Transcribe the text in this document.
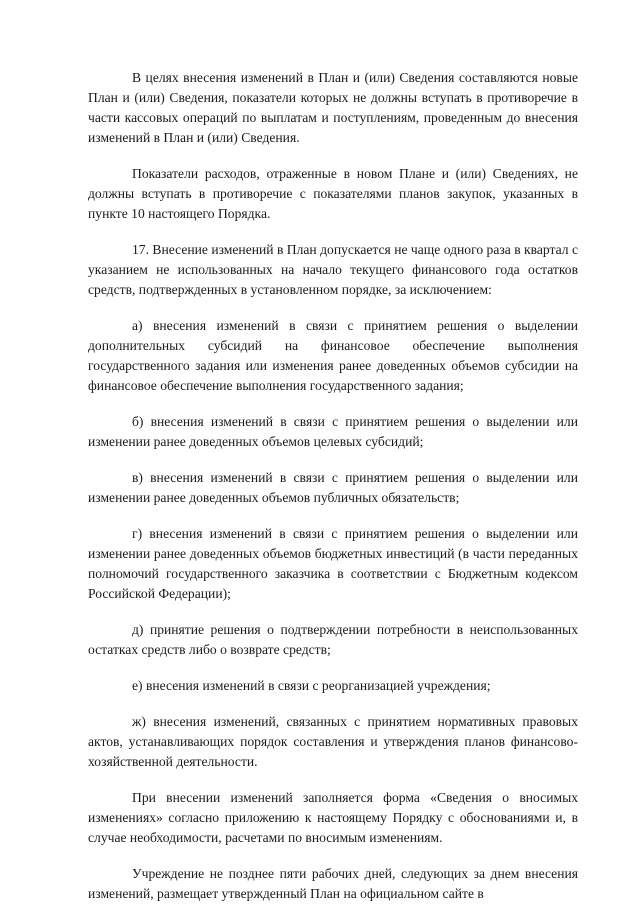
В целях внесения изменений в План и (или) Сведения составляются новые План и (или) Сведения, показатели которых не должны вступать в противоречие в части кассовых операций по выплатам и поступлениям, проведенным до внесения изменений в План и (или) Сведения.

Показатели расходов, отраженные в новом Плане и (или) Сведениях, не должны вступать в противоречие с показателями планов закупок, указанных в пункте 10 настоящего Порядка.

17. Внесение изменений в План допускается не чаще одного раза в квартал с указанием не использованных на начало текущего финансового года остатков средств, подтвержденных в установленном порядке, за исключением:

а) внесения изменений в связи с принятием решения о выделении дополнительных субсидий на финансовое обеспечение выполнения государственного задания или изменения ранее доведенных объемов субсидии на финансовое обеспечение выполнения государственного задания;

б) внесения изменений в связи с принятием решения о выделении или изменении ранее доведенных объемов целевых субсидий;

в) внесения изменений в связи с принятием решения о выделении или изменении ранее доведенных объемов публичных обязательств;

г) внесения изменений в связи с принятием решения о выделении или изменении ранее доведенных объемов бюджетных инвестиций (в части переданных полномочий государственного заказчика в соответствии с Бюджетным кодексом Российской Федерации);

д) принятие решения о подтверждении потребности в неиспользованных остатках средств либо о возврате средств;

е) внесения изменений в связи с реорганизацией учреждения;

ж) внесения изменений, связанных с принятием нормативных правовых актов, устанавливающих порядок составления и утверждения планов финансово-хозяйственной деятельности.

При внесении изменений заполняется форма «Сведения о вносимых изменениях» согласно приложению к настоящему Порядку с обоснованиями и, в случае необходимости, расчетами по вносимым изменениям.

Учреждение не позднее пяти рабочих дней, следующих за днем внесения изменений, размещает утвержденный План на официальном сайте в
